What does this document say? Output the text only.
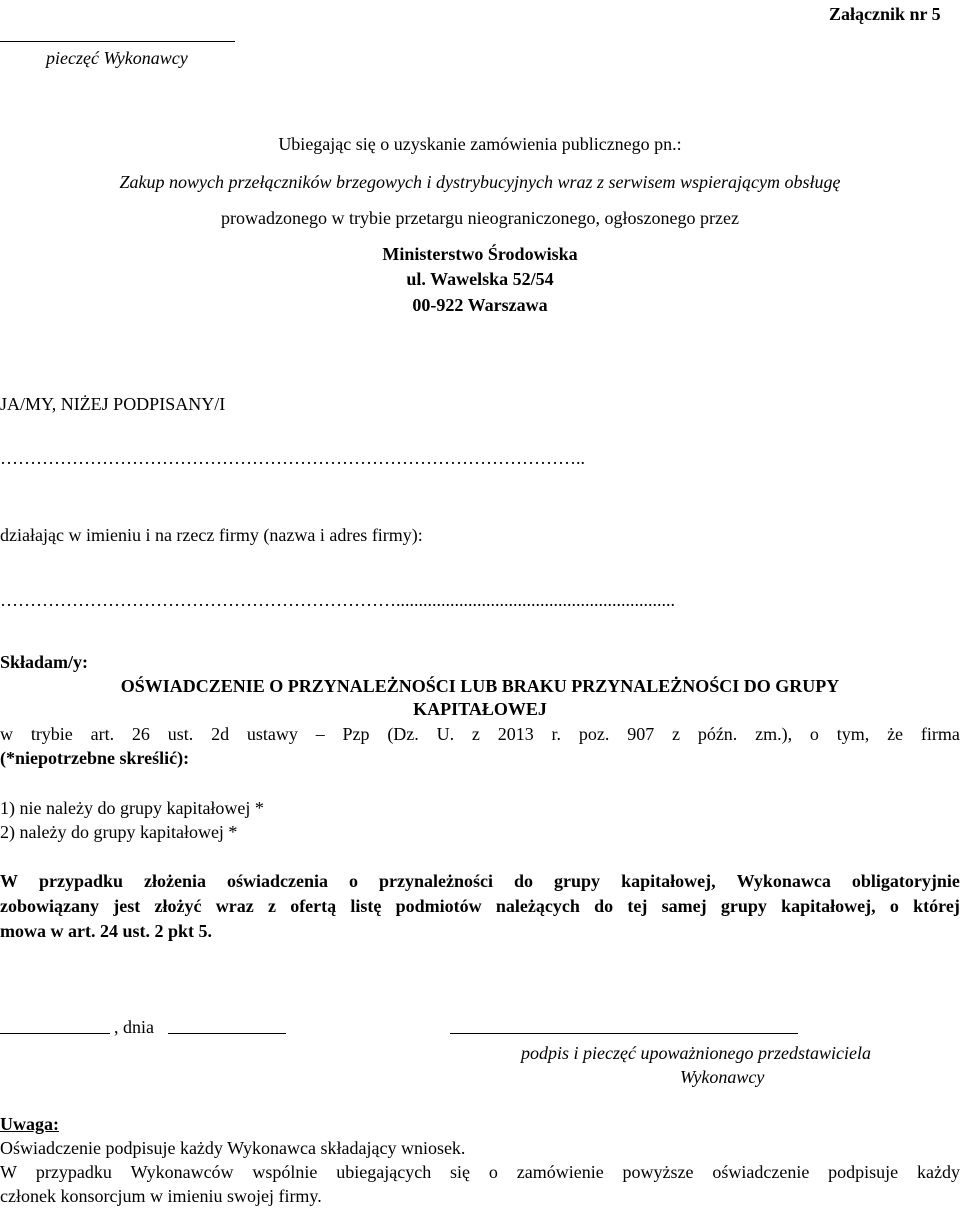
Załącznik nr 5
pieczęć Wykonawcy
Ubiegając się o uzyskanie zamówienia publicznego pn.:
Zakup nowych przełączników brzegowych i dystrybucyjnych wraz z serwisem wspierającym obsługę
prowadzonego w trybie przetargu nieograniczonego, ogłoszonego przez
Ministerstwo Środowiska
ul. Wawelska 52/54
00-922 Warszawa
JA/MY, NIŻEJ PODPISANY/I
……………………………………………………………………………………..
działając w imieniu i na rzecz firmy (nazwa i adres firmy):
…………………………………………………………..............................................................
Składam/y:
OŚWIADCZENIE O PRZYNALEŻNOŚCI LUB BRAKU PRZYNALEŻNOŚCI DO GRUPY
KAPITAŁOWEJ
w trybie art. 26 ust. 2d ustawy – Pzp (Dz. U. z 2013 r. poz. 907 z późn. zm.), o tym, że firma
(*niepotrzebne skreślić):
1) nie należy do grupy kapitałowej *
2) należy do grupy kapitałowej *
W przypadku złożenia oświadczenia o przynależności do grupy kapitałowej, Wykonawca obligatoryjnie
zobowiązany jest złożyć wraz z ofertą listę podmiotów należących do tej samej grupy kapitałowej, o której
mowa w art. 24 ust. 2 pkt 5.
, dnia
podpis i pieczęć upoważnionego przedstawiciela
Wykonawcy
Uwaga:
Oświadczenie podpisuje każdy Wykonawca składający wniosek.
W przypadku Wykonawców wspólnie ubiegających się o zamówienie powyższe oświadczenie podpisuje każdy
członek konsorcjum w imieniu swojej firmy.
